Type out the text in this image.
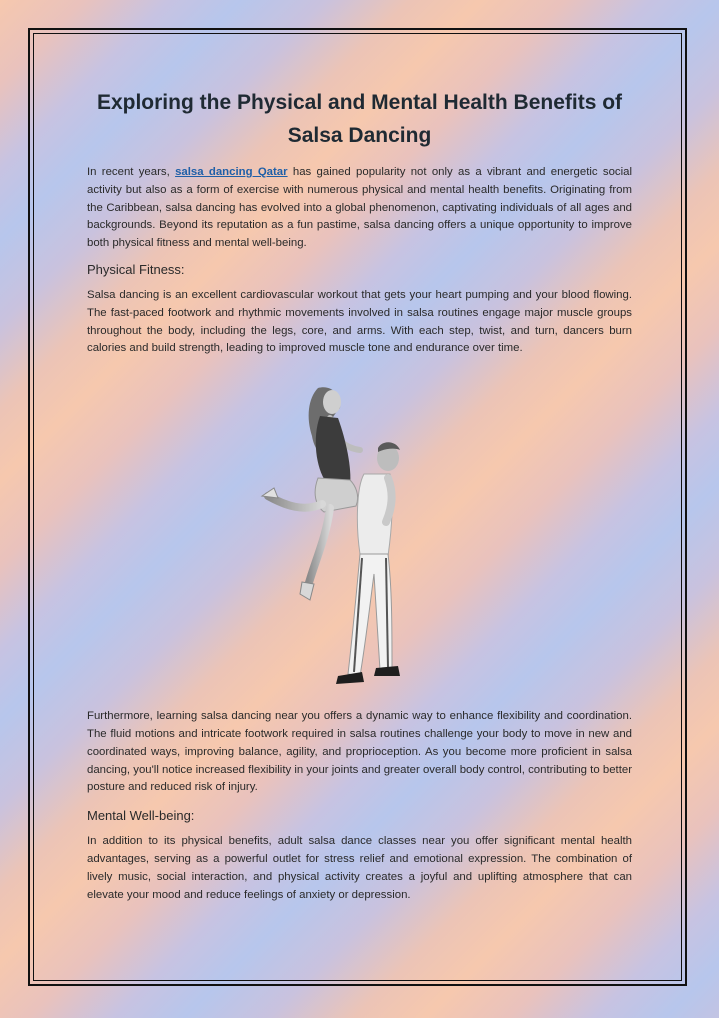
Exploring the Physical and Mental Health Benefits of Salsa Dancing

In recent years, salsa dancing Qatar has gained popularity not only as a vibrant and energetic social activity but also as a form of exercise with numerous physical and mental health benefits. Originating from the Caribbean, salsa dancing has evolved into a global phenomenon, captivating individuals of all ages and backgrounds. Beyond its reputation as a fun pastime, salsa dancing offers a unique opportunity to improve both physical fitness and mental well-being.

Physical Fitness:

Salsa dancing is an excellent cardiovascular workout that gets your heart pumping and your blood flowing. The fast-paced footwork and rhythmic movements involved in salsa routines engage major muscle groups throughout the body, including the legs, core, and arms. With each step, twist, and turn, dancers burn calories and build strength, leading to improved muscle tone and endurance over time.

Furthermore, learning salsa dancing near you offers a dynamic way to enhance flexibility and coordination. The fluid motions and intricate footwork required in salsa routines challenge your body to move in new and coordinated ways, improving balance, agility, and proprioception. As you become more proficient in salsa dancing, you'll notice increased flexibility in your joints and greater overall body control, contributing to better posture and reduced risk of injury.

Mental Well-being:

In addition to its physical benefits, adult salsa dance classes near you offer significant mental health advantages, serving as a powerful outlet for stress relief and emotional expression. The combination of lively music, social interaction, and physical activity creates a joyful and uplifting atmosphere that can elevate your mood and reduce feelings of anxiety or depression.
